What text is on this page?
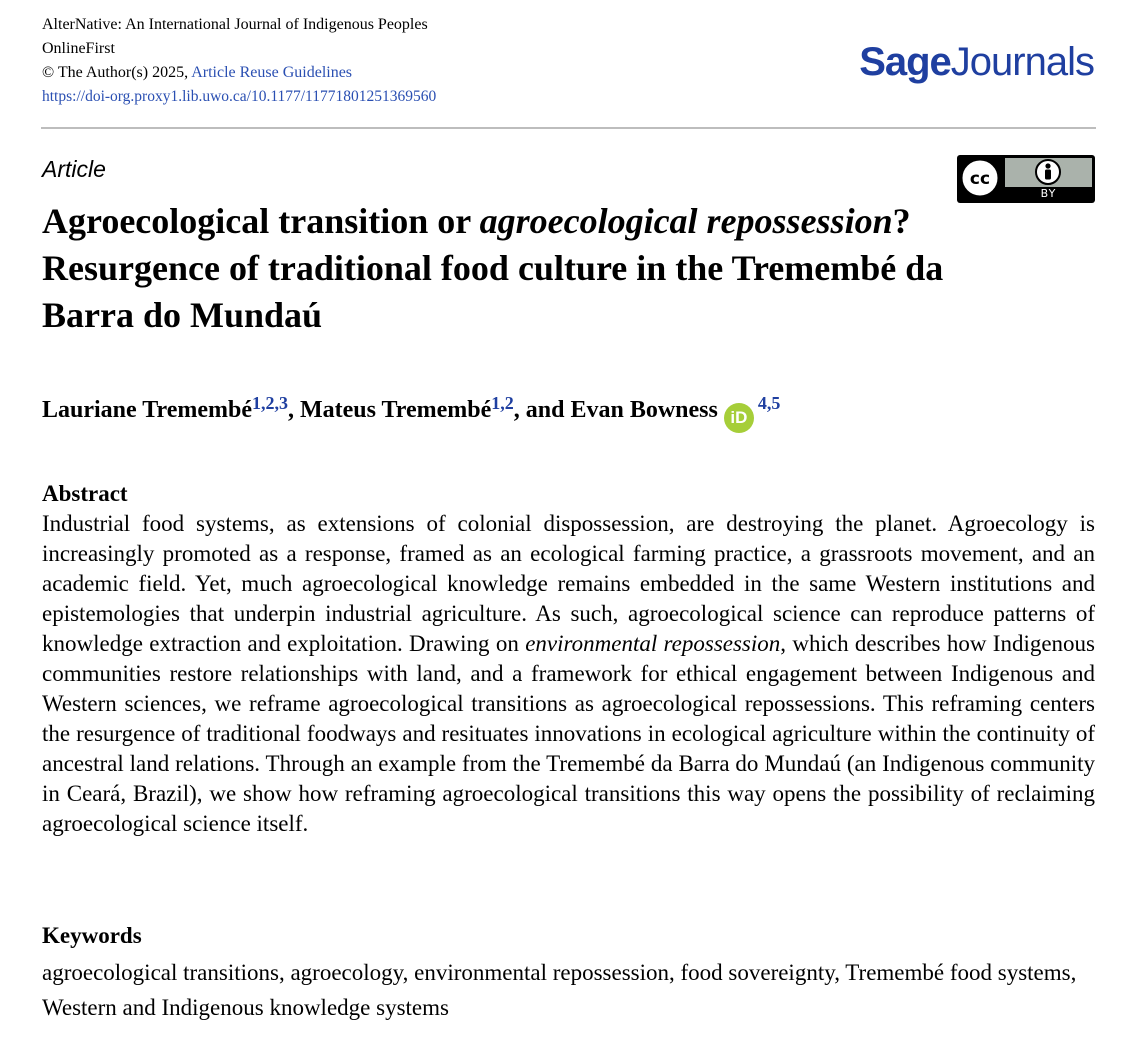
AlterNative: An International Journal of Indigenous Peoples
OnlineFirst
© The Author(s) 2025, Article Reuse Guidelines
https://doi-org.proxy1.lib.uwo.ca/10.1177/11771801251369560
SageJournals
Article	cc
BY
Agroecological transition or agroecological repossession? Resurgence of traditional food culture in the Tremembé da Barra do Mundaú
Lauriane Tremembé$^{1,2,3}$, Mateus Tremembé$^{1,2}$, and Evan Bowness iD$^{4,5}$
Abstract

Industrial food systems, as extensions of colonial dispossession, are destroying the planet. Agroecology is increasingly promoted as a response, framed as an ecological farming practice, a grassroots movement, and an academic field. Yet, much agroecological knowledge remains embedded in the same Western institutions and epistemologies that underpin industrial agriculture. As such, agroecological science can reproduce patterns of knowledge extraction and exploitation. Drawing on environmental repossession, which describes how Indigenous communities restore relationships with land, and a framework for ethical engagement between Indigenous and Western sciences, we reframe agroecological transitions as agroecological repossessions. This reframing centers the resurgence of traditional foodways and resituates innovations in ecological agriculture within the continuity of ancestral land relations. Through an example from the Tremembé da Barra do Mundaú (an Indigenous community in Ceará, Brazil), we show how reframing agroecological transitions this way opens the possibility of reclaiming agroecological science itself.

Keywords

agroecological transitions, agroecology, environmental repossession, food sovereignty, Tremembé food systems, Western and Indigenous knowledge systems
